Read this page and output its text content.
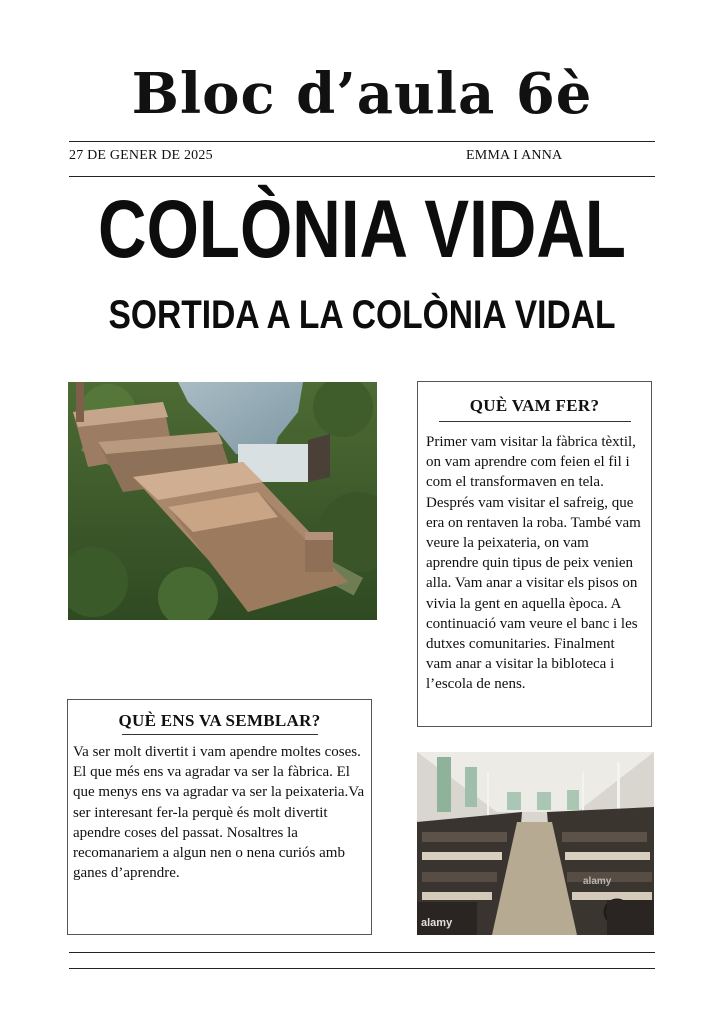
Bloc d’aula 6è
27 DE GENER DE 2025	EMMA I ANNA
COLÒNIA VIDAL
SORTIDA A LA COLÒNIA VIDAL
QUÈ VAM FER?
Primer vam visitar la fàbrica tèxtil, on vam aprendre com feien el fil i com el transformaven en tela. Després vam visitar el safreig, que era on rentaven la roba. També vam veure la peixateria, on vam aprendre quin tipus de peix venien alla. Vam anar a visitar els pisos on vivia la gent en aquella època. A continuació vam veure el banc i les dutxes comunitaries. Finalment vam anar a visitar la bibloteca i l’escola de nens.
QUÈ ENS VA SEMBLAR?
Va ser molt divertit i vam apendre moltes coses. El que més ens va agradar va ser la fàbrica. El que menys ens va agradar va ser la peixateria.Va ser interesant fer-la perquè és molt divertit apendre coses del passat. Nosaltres la recomanariem a algun nen o nena curiós amb ganes d’aprendre.
alamy
alamy
